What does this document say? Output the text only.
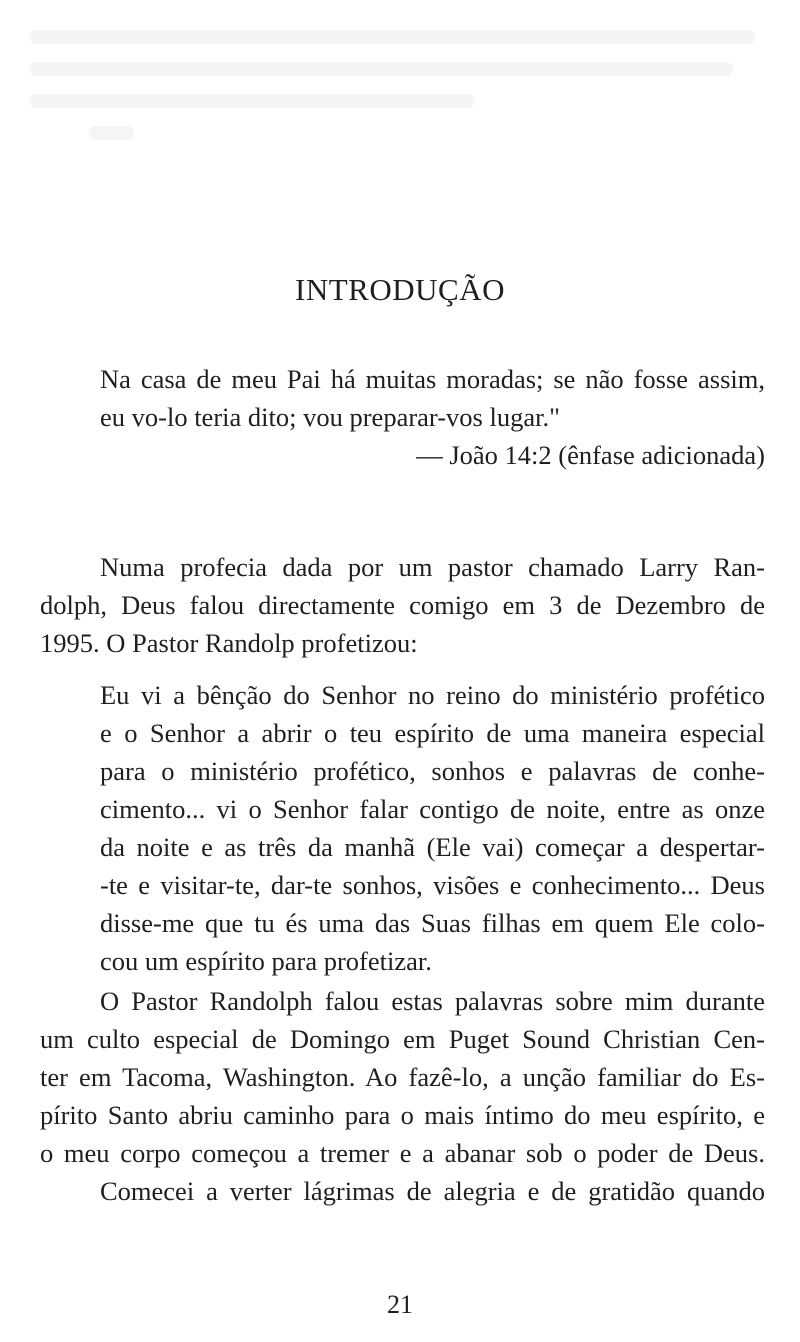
INTRODUÇÃO
Na casa de meu Pai há muitas moradas; se não fosse assim,
eu vo-lo teria dito; vou preparar-vos lugar."
— João 14:2 (ênfase adicionada)
Numa profecia dada por um pastor chamado Larry Ran-
dolph, Deus falou directamente comigo em 3 de Dezembro de
1995. O Pastor Randolp profetizou:
Eu vi a bênção do Senhor no reino do ministério profético
e o Senhor a abrir o teu espírito de uma maneira especial
para o ministério profético, sonhos e palavras de conhe-
cimento... vi o Senhor falar contigo de noite, entre as onze
da noite e as três da manhã (Ele vai) começar a despertar-
-te e visitar-te, dar-te sonhos, visões e conhecimento... Deus
disse-me que tu és uma das Suas filhas em quem Ele colo-
cou um espírito para profetizar.
O Pastor Randolph falou estas palavras sobre mim durante
um culto especial de Domingo em Puget Sound Christian Cen-
ter em Tacoma, Washington. Ao fazê-lo, a unção familiar do Es-
pírito Santo abriu caminho para o mais íntimo do meu espírito, e
o meu corpo começou a tremer e a abanar sob o poder de Deus.
Comecei a verter lágrimas de alegria e de gratidão quando
21
